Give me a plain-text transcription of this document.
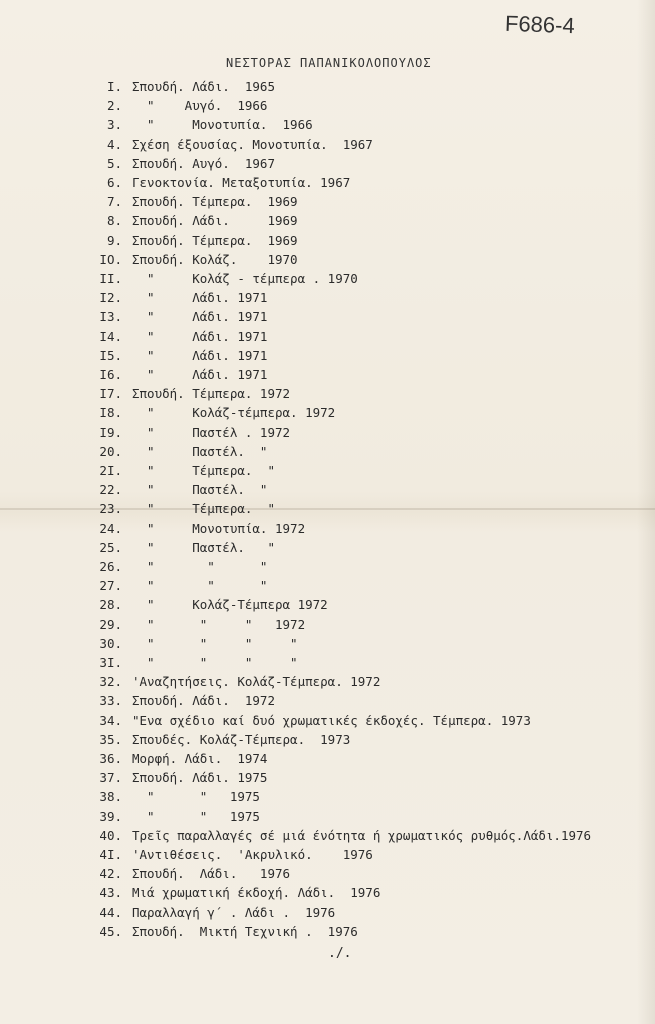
F686-4
ΝΕΣΤΟΡΑΣ ΠΑΠΑΝΙΚΟΛΟΠΟΥΛΟΣ
I. Σπουδή. Λάδι.  1965
2. "    Αυγό.  1966
3. "     Μονοτυπία.  1966
4. Σχέση έξουσίας. Μονοτυπία.  1967
5. Σπουδή. Αυγό.  1967
6. Γενοκτονία. Μεταξοτυπία. 1967
7. Σπουδή. Τέμπερα.  1969
8. Σπουδή. Λάδι.     1969
9. Σπουδή. Τέμπερα.  1969
IO. Σπουδή. Κολάζ.    1970
II. "     Κολάζ - τέμπερα . 1970
I2. "     Λάδι. 1971
I3. "     Λάδι. 1971
I4. "     Λάδι. 1971
I5. "     Λάδι. 1971
I6. "     Λάδι. 1971
I7. Σπουδή. Τέμπερα. 1972
I8. "     Κολάζ-τέμπερα. 1972
I9. "     Παστέλ . 1972
20. "     Παστέλ.  "
2I. "     Τέμπερα.  "
22. "     Παστέλ.  "
23. "     Τέμπερα.  "
24. "     Μονοτυπία. 1972
25. "     Παστέλ.   "
26. "       "      "
27. "       "      "
28. "     Κολάζ-Τέμπερα 1972
29. "      "     "   1972
30. "      "     "     "
3I. "      "     "     "
32. 'Αναζητήσεις. Κολάζ-Τέμπερα. 1972
33. Σπουδή. Λάδι.  1972
34. "Ενα σχέδιο καί δυό χρωματικές έκδοχές. Τέμπερα. 1973
35. Σπουδές. Κολάζ-Τέμπερα.  1973
36. Μορφή. Λάδι.  1974
37. Σπουδή. Λάδι. 1975
38. "      "   1975
39. "      "   1975
40. Τρεῖς παραλλαγές σέ μιά ένότητα ή χρωματικός ρυθμός.Λάδι.1976
4I. 'Αντιθέσεις.  'Ακρυλικό.    1976
42. Σπουδή.  Λάδι.   1976
43. Μιά χρωματική έκδοχή. Λάδι.  1976
44. Παραλλαγή γ΄ . Λάδι .  1976
45. Σπουδή.  Μικτή Τεχνική .  1976
./.
